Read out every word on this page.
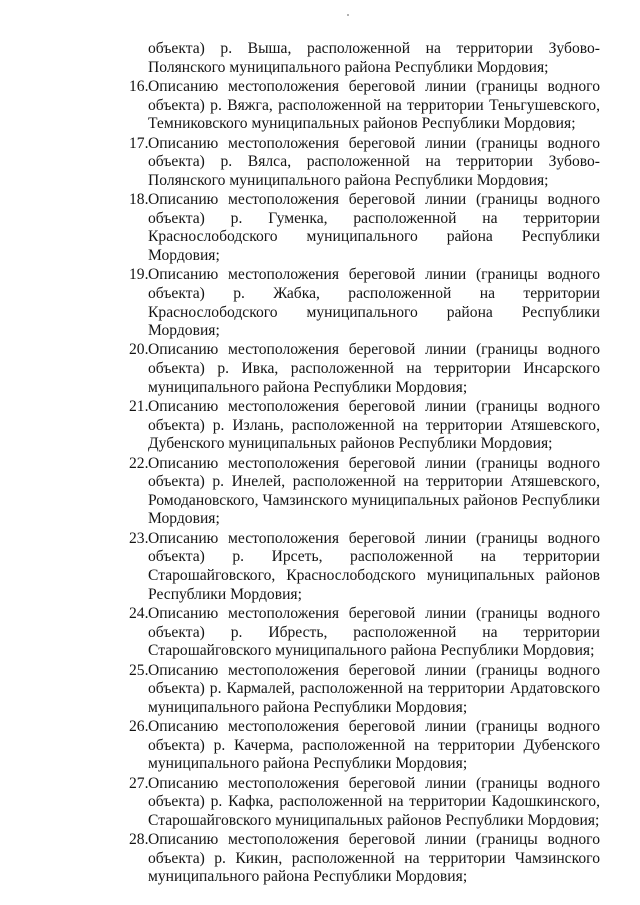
объекта) р. Выша, расположенной на территории Зубово-Полянского муниципального района Республики Мордовия;
16. Описанию местоположения береговой линии (границы водного объекта) р. Вяжга, расположенной на территории Теньгушевского, Темниковского муниципальных районов Республики Мордовия;
17. Описанию местоположения береговой линии (границы водного объекта) р. Вялса, расположенной на территории Зубово-Полянского муниципального района Республики Мордовия;
18. Описанию местоположения береговой линии (границы водного объекта) р. Гуменка, расположенной на территории Краснослободского муниципального района Республики Мордовия;
19. Описанию местоположения береговой линии (границы водного объекта) р. Жабка, расположенной на территории Краснослободского муниципального района Республики Мордовия;
20. Описанию местоположения береговой линии (границы водного объекта) р. Ивка, расположенной на территории Инсарского муниципального района Республики Мордовия;
21. Описанию местоположения береговой линии (границы водного объекта) р. Излань, расположенной на территории Атяшевского, Дубенского муниципальных районов Республики Мордовия;
22. Описанию местоположения береговой линии (границы водного объекта) р. Инелей, расположенной на территории Атяшевского, Ромодановского, Чамзинского муниципальных районов Республики Мордовия;
23. Описанию местоположения береговой линии (границы водного объекта) р. Ирсеть, расположенной на территории Старошайговского, Краснослободского муниципальных районов Республики Мордовия;
24. Описанию местоположения береговой линии (границы водного объекта) р. Ибресть, расположенной на территории Старошайговского муниципального района Республики Мордовия;
25. Описанию местоположения береговой линии (границы водного объекта) р. Кармалей, расположенной на территории Ардатовского муниципального района Республики Мордовия;
26. Описанию местоположения береговой линии (границы водного объекта) р. Качерма, расположенной на территории Дубенского муниципального района Республики Мордовия;
27. Описанию местоположения береговой линии (границы водного объекта) р. Кафка, расположенной на территории Кадошкинского, Старошайговского муниципальных районов Республики Мордовия;
28. Описанию местоположения береговой линии (границы водного объекта) р. Кикин, расположенной на территории Чамзинского муниципального района Республики Мордовия;
